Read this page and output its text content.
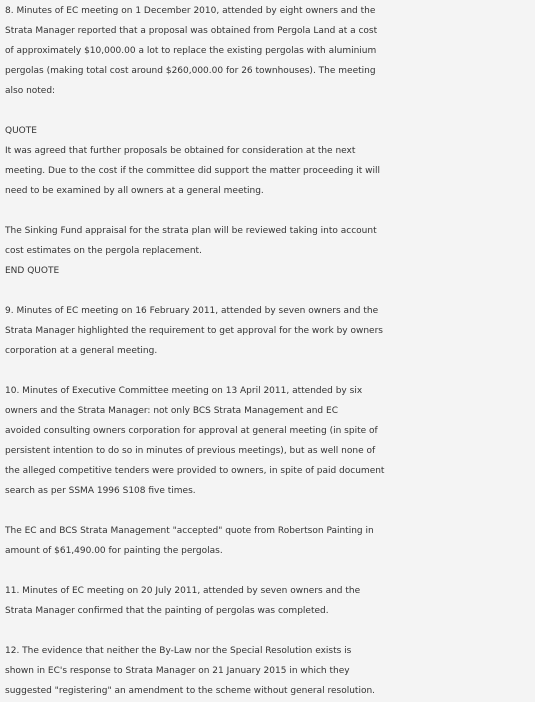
8. Minutes of EC meeting on 1 December 2010, attended by eight owners and the
Strata Manager reported that a proposal was obtained from Pergola Land at a cost
of approximately $10,000.00 a lot to replace the existing pergolas with aluminium
pergolas (making total cost around $260,000.00 for 26 townhouses). The meeting
also noted:
QUOTE
It was agreed that further proposals be obtained for consideration at the next
meeting. Due to the cost if the committee did support the matter proceeding it will
need to be examined by all owners at a general meeting.
The Sinking Fund appraisal for the strata plan will be reviewed taking into account
cost estimates on the pergola replacement.
END QUOTE
9. Minutes of EC meeting on 16 February 2011, attended by seven owners and the
Strata Manager highlighted the requirement to get approval for the work by owners
corporation at a general meeting.
10. Minutes of Executive Committee meeting on 13 April 2011, attended by six
owners and the Strata Manager: not only BCS Strata Management and EC
avoided consulting owners corporation for approval at general meeting (in spite of
persistent intention to do so in minutes of previous meetings), but as well none of
the alleged competitive tenders were provided to owners, in spite of paid document
search as per SSMA 1996 S108 five times.
The EC and BCS Strata Management "accepted" quote from Robertson Painting in
amount of $61,490.00 for painting the pergolas.
11. Minutes of EC meeting on 20 July 2011, attended by seven owners and the
Strata Manager confirmed that the painting of pergolas was completed.
12. The evidence that neither the By-Law nor the Special Resolution exists is
shown in EC's response to Strata Manager on 21 January 2015 in which they
suggested "registering" an amendment to the scheme without general resolution.
